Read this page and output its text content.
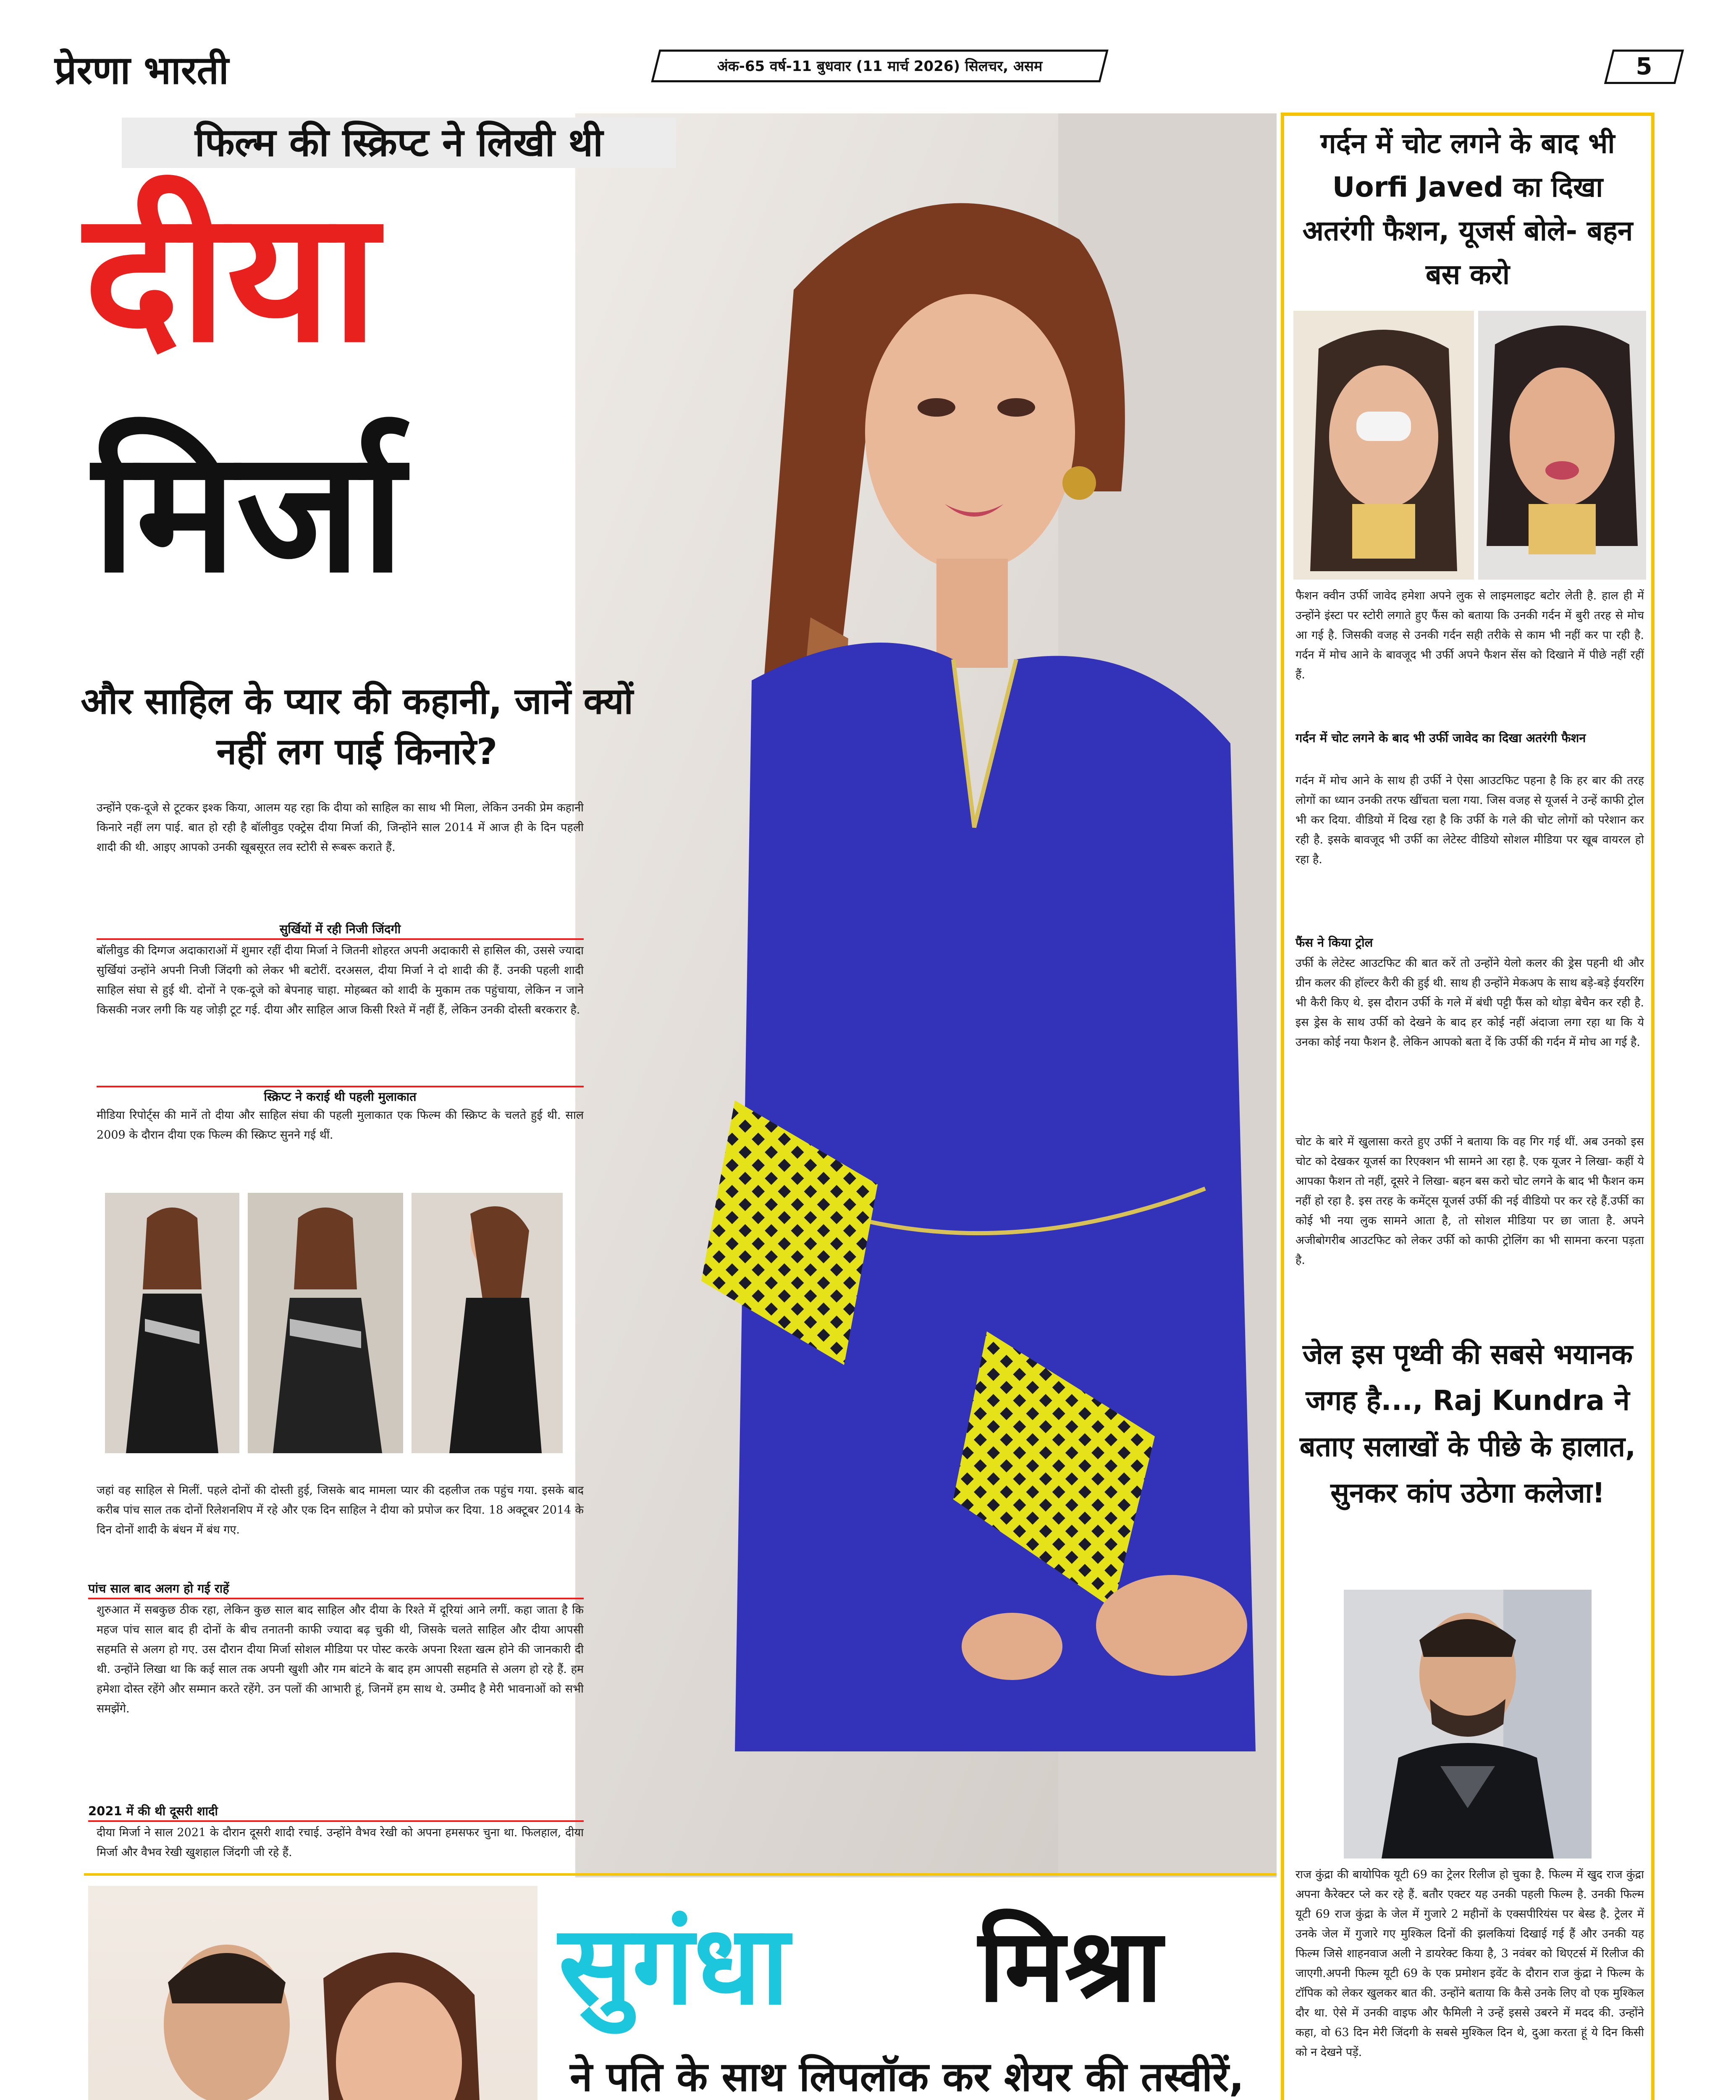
प्रेरणा भारती	अंक-65 वर्ष-11 बुधवार (11 मार्च 2026) सिलचर, असम	5
फिल्म की स्क्रिप्ट ने लिखी थी
दीया
मिर्जा
और साहिल के प्यार की कहानी, जानें क्यों नहीं लग पाई किनारे?
उन्होंने एक-दूजे से टूटकर इश्क किया, आलम यह रहा कि दीया को साहिल का साथ भी मिला, लेकिन उनकी प्रेम कहानी किनारे नहीं लग पाई. बात हो रही है बॉलीवुड एक्ट्रेस दीया मिर्जा की, जिन्होंने साल 2014 में आज ही के दिन पहली शादी की थी. आइए आपको उनकी खूबसूरत लव स्टोरी से रूबरू कराते हैं.
सुर्खियों में रही निजी जिंदगी
बॉलीवुड की दिग्गज अदाकाराओं में शुमार रहीं दीया मिर्जा ने जितनी शोहरत अपनी अदाकारी से हासिल की, उससे ज्यादा सुर्खियां उन्होंने अपनी निजी जिंदगी को लेकर भी बटोरीं. दरअसल, दीया मिर्जा ने दो शादी की हैं. उनकी पहली शादी साहिल संघा से हुई थी. दोनों ने एक-दूजे को बेपनाह चाहा. मोहब्बत को शादी के मुकाम तक पहुंचाया, लेकिन न जाने किसकी नजर लगी कि यह जोड़ी टूट गई. दीया और साहिल आज किसी रिश्ते में नहीं हैं, लेकिन उनकी दोस्ती बरकरार है.
स्क्रिप्ट ने कराई थी पहली मुलाकात
मीडिया रिपोर्ट्स की मानें तो दीया और साहिल संघा की पहली मुलाकात एक फिल्म की स्क्रिप्ट के चलते हुई थी. साल 2009 के दौरान दीया एक फिल्म की स्क्रिप्ट सुनने गई थीं.
जहां वह साहिल से मिलीं. पहले दोनों की दोस्ती हुई, जिसके बाद मामला प्यार की दहलीज तक पहुंच गया. इसके बाद करीब पांच साल तक दोनों रिलेशनशिप में रहे और एक दिन साहिल ने दीया को प्रपोज कर दिया. 18 अक्टूबर 2014 के दिन दोनों शादी के बंधन में बंध गए.
पांच साल बाद अलग हो गई राहें
शुरुआत में सबकुछ ठीक रहा, लेकिन कुछ साल बाद साहिल और दीया के रिश्ते में दूरियां आने लगीं. कहा जाता है कि महज पांच साल बाद ही दोनों के बीच तनातनी काफी ज्यादा बढ़ चुकी थी, जिसके चलते साहिल और दीया आपसी सहमति से अलग हो गए. उस दौरान दीया मिर्जा सोशल मीडिया पर पोस्ट करके अपना रिश्ता खत्म होने की जानकारी दी थी. उन्होंने लिखा था कि कई साल तक अपनी खुशी और गम बांटने के बाद हम आपसी सहमति से अलग हो रहे हैं. हम हमेशा दोस्त रहेंगे और सम्मान करते रहेंगे. उन पलों की आभारी हूं, जिनमें हम साथ थे. उम्मीद है मेरी भावनाओं को सभी समझेंगे.
2021 में की थी दूसरी शादी
दीया मिर्जा ने साल 2021 के दौरान दूसरी शादी रचाई. उन्होंने वैभव रेखी को अपना हमसफर चुना था. फिलहाल, दीया मिर्जा और वैभव रेखी खुशहाल जिंदगी जी रहे हैं.
गर्दन में चोट लगने के बाद भी Uorfi Javed का दिखा अतरंगी फैशन, यूजर्स बोले- बहन बस करो
फैशन क्वीन उर्फी जावेद हमेशा अपने लुक से लाइमलाइट बटोर लेती है. हाल ही में उन्होंने इंस्टा पर स्टोरी लगाते हुए फैंस को बताया कि उनकी गर्दन में बुरी तरह से मोच आ गई है. जिसकी वजह से उनकी गर्दन सही तरीके से काम भी नहीं कर पा रही है. गर्दन में मोच आने के बावजूद भी उर्फी अपने फैशन सेंस को दिखाने में पीछे नहीं रहीं हैं.
गर्दन में चोट लगने के बाद भी उर्फी जावेद का दिखा अतरंगी फैशन
गर्दन में मोच आने के साथ ही उर्फी ने ऐसा आउटफिट पहना है कि हर बार की तरह लोगों का ध्यान उनकी तरफ खींचता चला गया. जिस वजह से यूजर्स ने उन्हें काफी ट्रोल भी कर दिया. वीडियो में दिख रहा है कि उर्फी के गले की चोट लोगों को परेशान कर रही है. इसके बावजूद भी उर्फी का लेटेस्ट वीडियो सोशल मीडिया पर खूब वायरल हो रहा है.
फैंस ने किया ट्रोल
उर्फी के लेटेस्ट आउटफिट की बात करें तो उन्होंने येलो कलर की ड्रेस पहनी थी और ग्रीन कलर की हॉल्टर कैरी की हुई थी. साथ ही उन्होंने मेकअप के साथ बड़े-बड़े ईयररिंग भी कैरी किए थे. इस दौरान उर्फी के गले में बंधी पट्टी फैंस को थोड़ा बेचैन कर रही है. इस ड्रेस के साथ उर्फी को देखने के बाद हर कोई नहीं अंदाजा लगा रहा था कि ये उनका कोई नया फैशन है. लेकिन आपको बता दें कि उर्फी की गर्दन में मोच आ गई है.
चोट के बारे में खुलासा करते हुए उर्फी ने बताया कि वह गिर गई थीं. अब उनको इस चोट को देखकर यूजर्स का रिएक्शन भी सामने आ रहा है. एक यूजर ने लिखा- कहीं ये आपका फैशन तो नहीं, दूसरे ने लिखा- बहन बस करो चोट लगने के बाद भी फैशन कम नहीं हो रहा है. इस तरह के कमेंट्स यूजर्स उर्फी की नई वीडियो पर कर रहे हैं.उर्फी का कोई भी नया लुक सामने आता है, तो सोशल मीडिया पर छा जाता है. अपने अजीबोगरीब आउटफिट को लेकर उर्फी को काफी ट्रोलिंग का भी सामना करना पड़ता है.
जेल इस पृथ्वी की सबसे भयानक जगह है..., Raj Kundra ने बताए सलाखों के पीछे के हालात, सुनकर कांप उठेगा कलेजा!
राज कुंद्रा की बायोपिक यूटी 69 का ट्रेलर रिलीज हो चुका है. फिल्म में खुद राज कुंद्रा अपना कैरेक्टर प्ले कर रहे हैं. बतौर एक्टर यह उनकी पहली फिल्म है. उनकी फिल्म यूटी 69 राज कुंद्रा के जेल में गुजारे 2 महीनों के एक्सपीरियंस पर बेस्ड है. ट्रेलर में उनके जेल में गुजारे गए मुश्किल दिनों की झलकियां दिखाई गई हैं और उनकी यह फिल्म जिसे शाहनवाज अली ने डायरेक्ट किया है, 3 नवंबर को थिएटर्स में रिलीज की जाएगी.अपनी फिल्म यूटी 69 के एक प्रमोशन इवेंट के दौरान राज कुंद्रा ने फिल्म के टॉपिक को लेकर खुलकर बात की. उन्होंने बताया कि कैसे उनके लिए वो एक मुश्किल दौर था. ऐसे में उनकी वाइफ और फैमिली ने उन्हें इससे उबरने में मदद की. उन्होंने कहा, वो 63 दिन मेरी जिंदगी के सबसे मुश्किल दिन थे, दुआ करता हूं ये दिन किसी को न देखने पड़ें.
सुगंधा मिश्रा
ने पति के साथ लिपलॉक कर शेयर की तस्वीरें,
